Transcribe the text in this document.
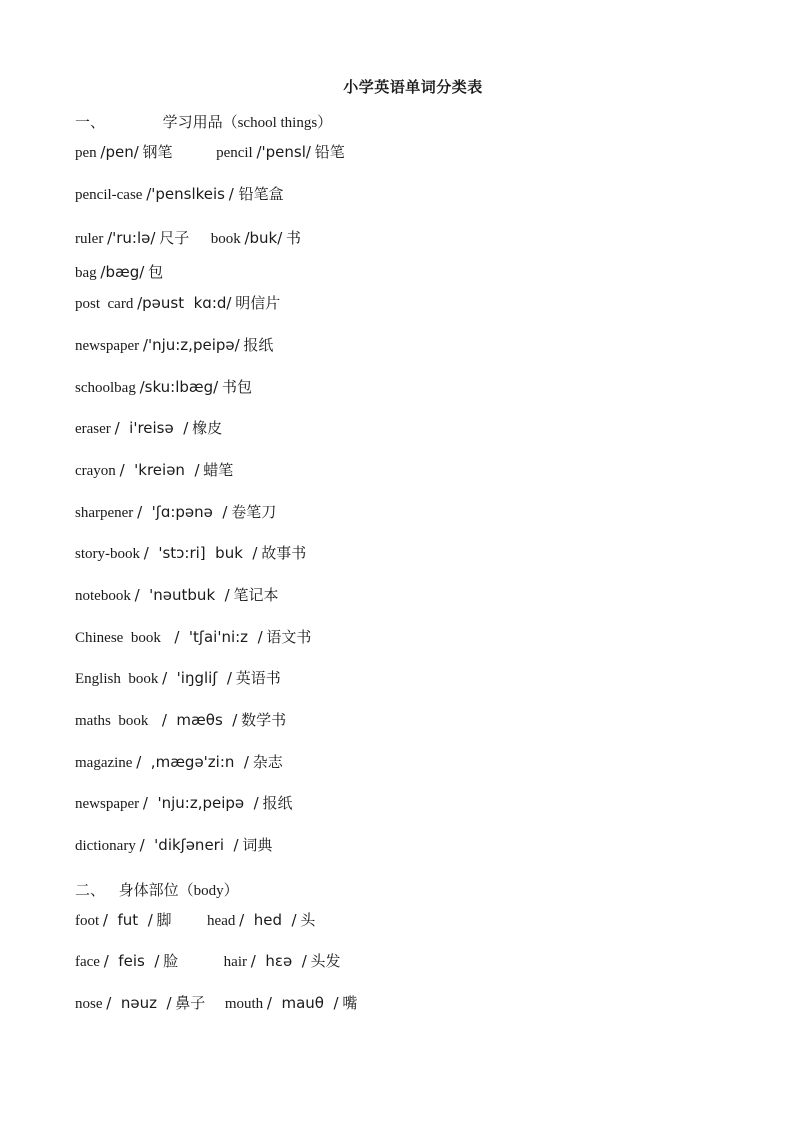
小学英语单词分类表
一、	学习用品（school things）
pen /pen/ 钢笔	pencil /'pensl/ 铅笔
pencil-case /'penslkeis / 铅笔盒
ruler /'ru:lə/ 尺子 book /buk/ 书
bag /bæg/ 包
post  card /pəust  kɑ:d/ 明信片
newspaper /'nju:z,peipə/ 报纸
schoolbag /sku:lbæg/ 书包
eraser /  i'reisə  / 橡皮
crayon /  'kreiən  / 蜡笔
sharpener /  'ʃɑ:pənə  / 卷笔刀
story-book /  'stɔ:ri]  buk  / 故事书
notebook /  'nəutbuk  / 笔记本
Chinese  book /  'tʃai'ni:z  / 语文书
English  book /  'iŋgliʃ  / 英语书
maths  book /  mæθs  / 数学书
magazine /  ,mægə'zi:n  / 杂志
newspaper /  'nju:z,peipə  / 报纸
dictionary /  'dikʃəneri  / 词典
二、 身体部位（body）
foot /  fut  / 脚 head /  hed  / 头
face /  feis  / 脸	hair /  hɛə  / 头发
nose /  nəuz  / 鼻子 mouth /  mauθ  / 嘴
